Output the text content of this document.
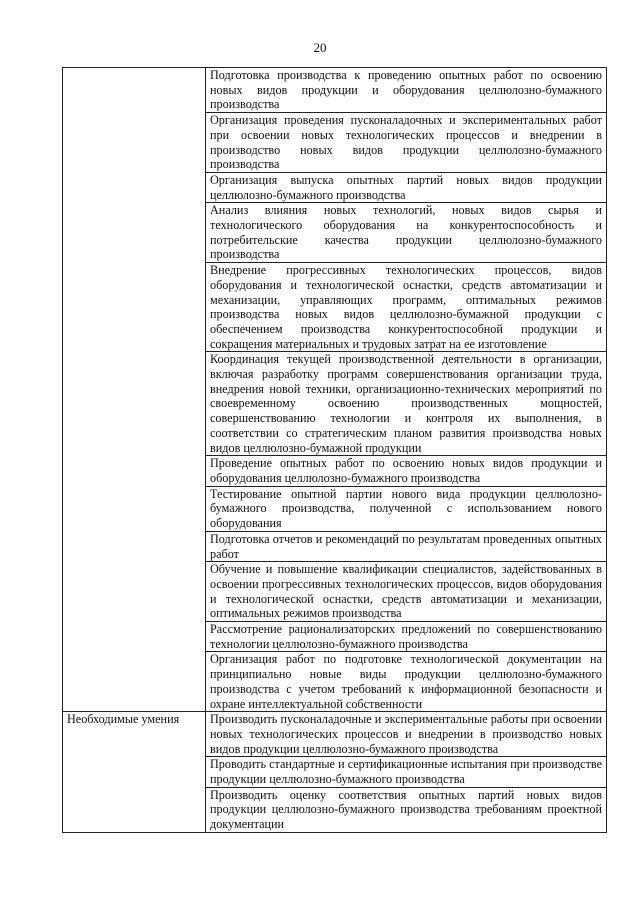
20
	Подготовка производства к проведению опытных работ по освоению новых видов продукции и оборудования целлюлозно-бумажного производства
	Организация проведения пусконаладочных и экспериментальных работ при освоении новых технологических процессов и внедрении в производство новых видов продукции целлюлозно-бумажного производства
	Организация выпуска опытных партий новых видов продукции целлюлозно-бумажного производства
	Анализ влияния новых технологий, новых видов сырья и технологического оборудования на конкурентоспособность и потребительские качества продукции целлюлозно-бумажного производства
	Внедрение прогрессивных технологических процессов, видов оборудования и технологической оснастки, средств автоматизации и механизации, управляющих программ, оптимальных режимов производства новых видов целлюлозно-бумажной продукции с обеспечением производства конкурентоспособной продукции и сокращения материальных и трудовых затрат на ее изготовление
	Координация текущей производственной деятельности в организации, включая разработку программ совершенствования организации труда, внедрения новой техники, организационно-технических мероприятий по своевременному освоению производственных мощностей, совершенствованию технологии и контроля их выполнения, в соответствии со стратегическим планом развития производства новых видов целлюлозно-бумажной продукции
	Проведение опытных работ по освоению новых видов продукции и оборудования целлюлозно-бумажного производства
	Тестирование опытной партии нового вида продукции целлюлозно-бумажного производства, полученной с использованием нового оборудования
	Подготовка отчетов и рекомендаций по результатам проведенных опытных работ
	Обучение и повышение квалификации специалистов, задействованных в освоении прогрессивных технологических процессов, видов оборудования и технологической оснастки, средств автоматизации и механизации, оптимальных режимов производства
	Рассмотрение рационализаторских предложений по совершенствованию технологии целлюлозно-бумажного производства
	Организация работ по подготовке технологической документации на принципиально новые виды продукции целлюлозно-бумажного производства с учетом требований к информационной безопасности и охране интеллектуальной собственности
Необходимые умения	Производить пусконаладочные и экспериментальные работы при освоении новых технологических процессов и внедрении в производство новых видов продукции целлюлозно-бумажного производства
	Проводить стандартные и сертификационные испытания при производстве продукции целлюлозно-бумажного производства
	Производить оценку соответствия опытных партий новых видов продукции целлюлозно-бумажного производства требованиям проектной документации
